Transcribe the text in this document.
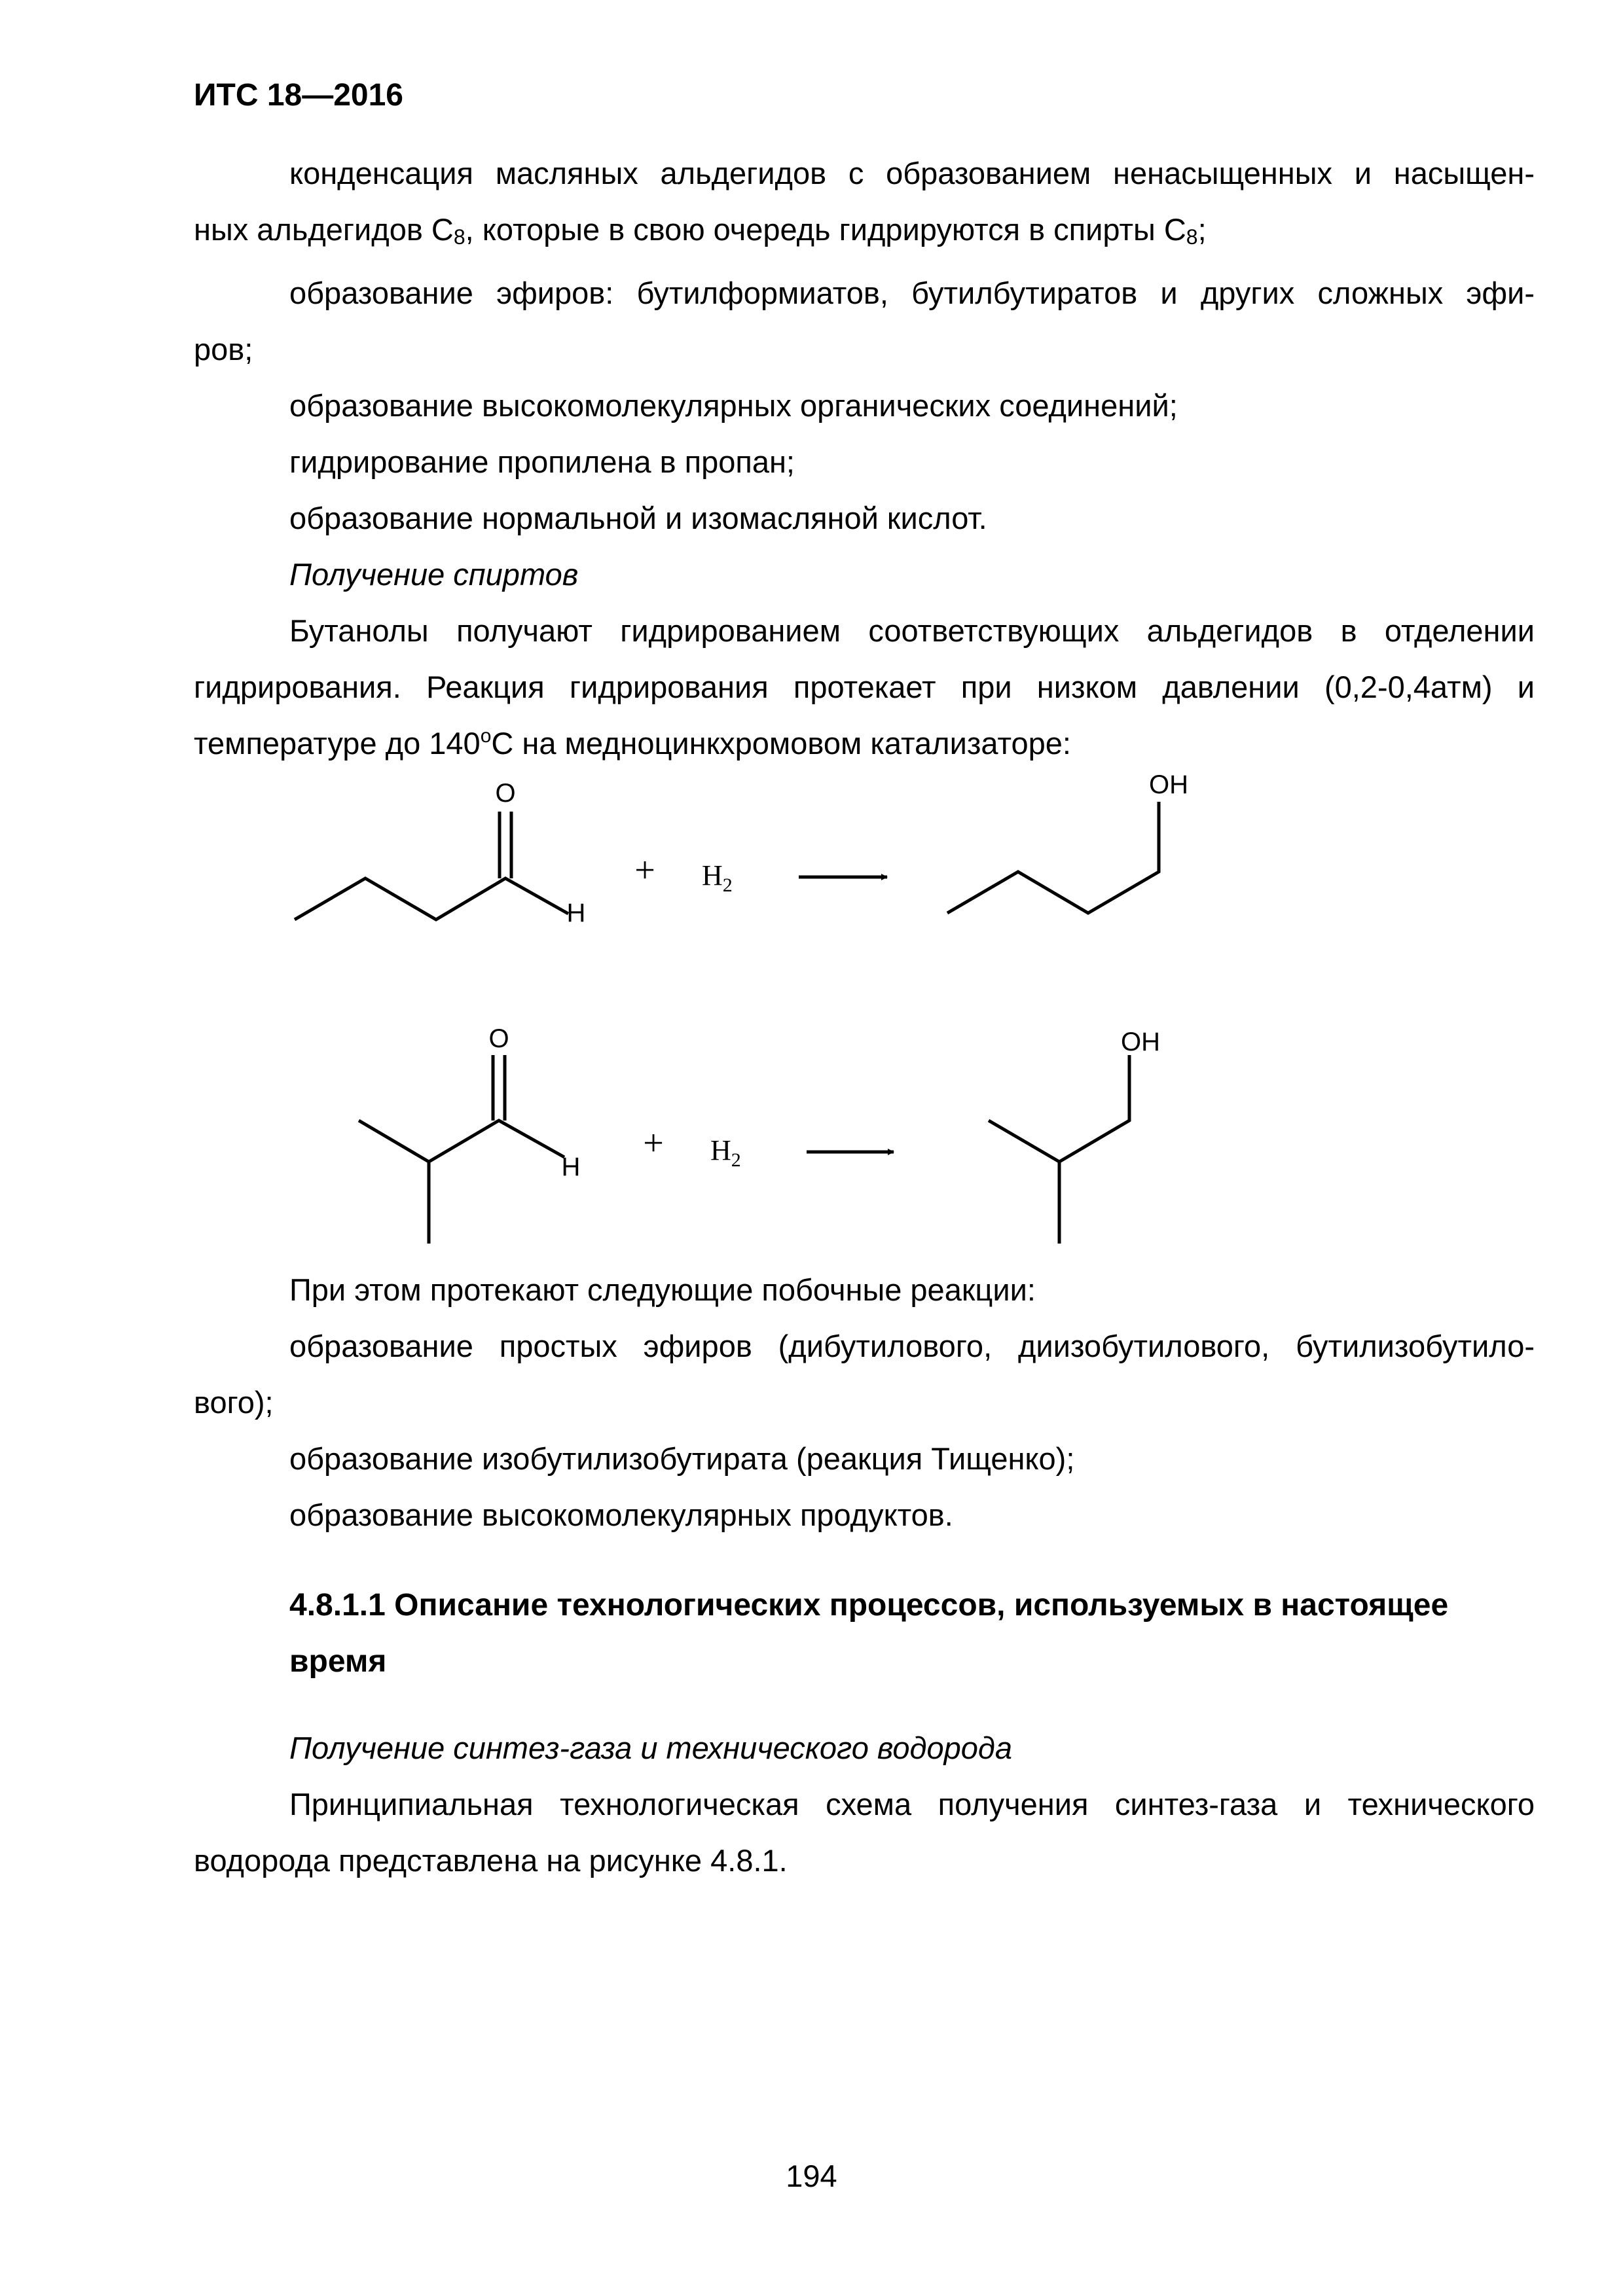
ИТС 18—2016

конденсация масляных альдегидов с образованием ненасыщенных и насыщен-

ных альдегидов $С_8$, которые в свою очередь гидрируются в спирты $С_8$;

образование эфиров: бутилформиатов, бутилбутиратов и других сложных эфи-

ров;

образование высокомолекулярных органических соединений;

гидрирование пропилена в пропан;

образование нормальной и изомасляной кислот.

Получение спиртов

Бутанолы получают гидрированием соответствующих альдегидов в отделении

гидрирования. Реакция гидрирования протекает при низком давлении (0,2-0,4атм) и

температуре до $140^оС$ на медноцинкхромовом катализаторе:

O
H
+ $H_2$
OH
O
H
+ $H_2$
OH

При этом протекают следующие побочные реакции:

образование простых эфиров (дибутилового, диизобутилового, бутилизобутило-

вого);

образование изобутилизобутирата (реакция Тищенко);

образование высокомолекулярных продуктов.

4.8.1.1 Описание технологических процессов, используемых в настоящее

время

Получение синтез-газа и технического водорода

Принципиальная технологическая схема получения синтез-газа и технического

водорода представлена на рисунке 4.8.1.

194
